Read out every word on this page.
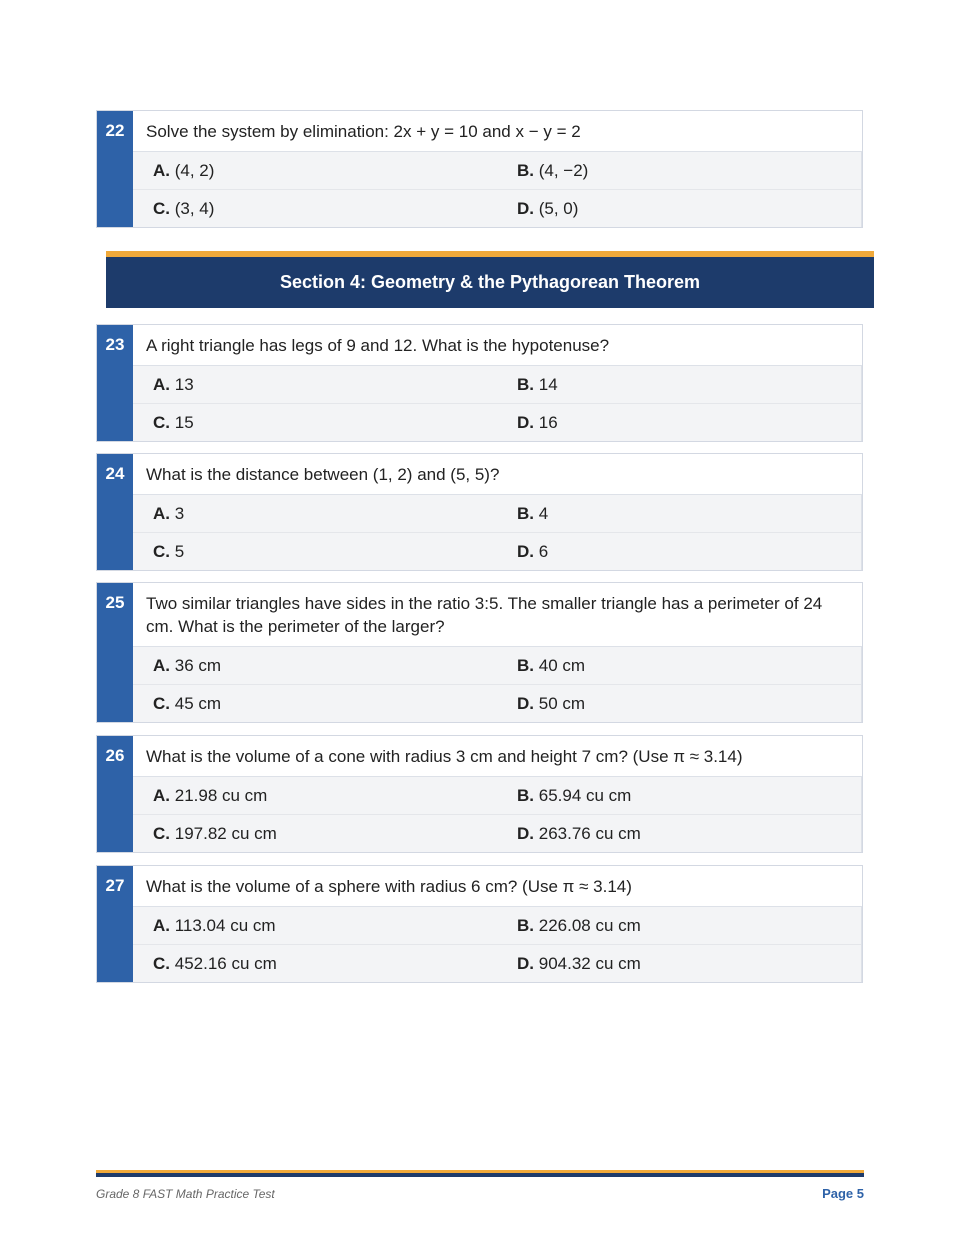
22	Solve the system by elimination: 2x + y = 10 and x − y = 2
A. (4, 2)	B. (4, −2)
C. (3, 4)	D. (5, 0)
Section 4: Geometry & the Pythagorean Theorem
23	A right triangle has legs of 9 and 12. What is the hypotenuse?
A. 13	B. 14
C. 15	D. 16
24	What is the distance between (1, 2) and (5, 5)?
A. 3	B. 4
C. 5	D. 6
25	Two similar triangles have sides in the ratio 3:5. The smaller triangle has a perimeter of 24 cm. What is the perimeter of the larger?
A. 36 cm	B. 40 cm
C. 45 cm	D. 50 cm
26	What is the volume of a cone with radius 3 cm and height 7 cm? (Use π ≈ 3.14)
A. 21.98 cu cm	B. 65.94 cu cm
C. 197.82 cu cm	D. 263.76 cu cm
27	What is the volume of a sphere with radius 6 cm? (Use π ≈ 3.14)
A. 113.04 cu cm	B. 226.08 cu cm
C. 452.16 cu cm	D. 904.32 cu cm
Grade 8 FAST Math Practice Test	Page 5
